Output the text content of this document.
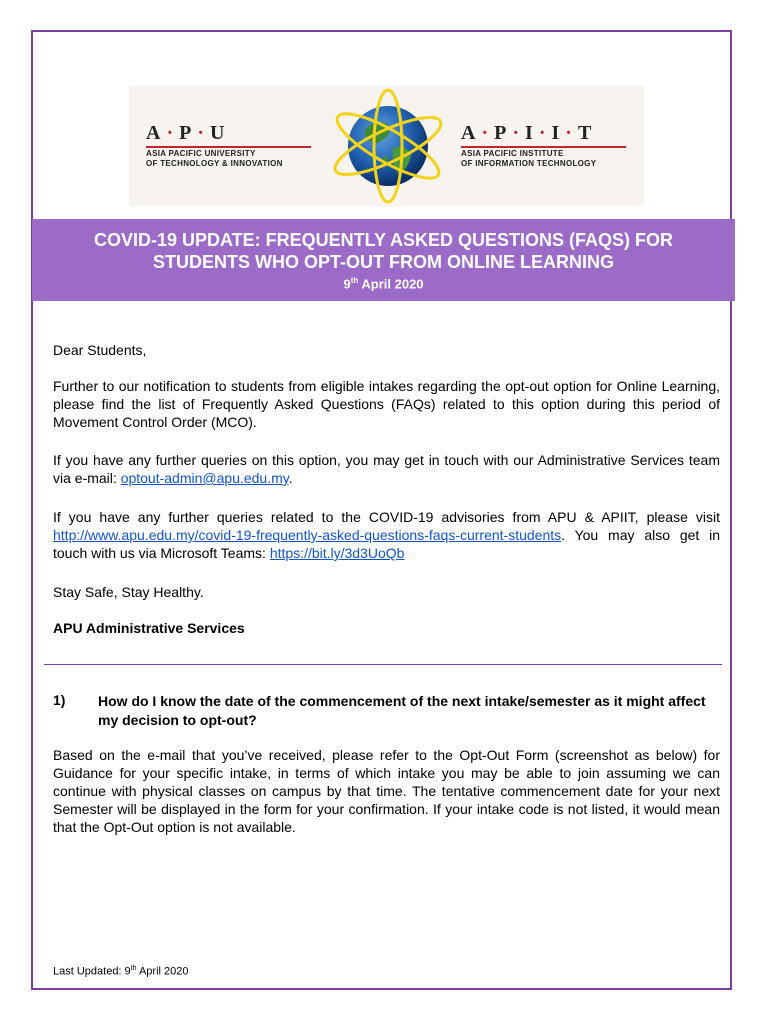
A·P·U
ASIA PACIFIC UNIVERSITY
OF TECHNOLOGY & INNOVATION
A·P·I·I·T
ASIA PACIFIC INSTITUTE
OF INFORMATION TECHNOLOGY
COVID-19 UPDATE: FREQUENTLY ASKED QUESTIONS (FAQS) FOR STUDENTS WHO OPT-OUT FROM ONLINE LEARNING
9th April 2020
Dear Students,
Further to our notification to students from eligible intakes regarding the opt-out option for Online Learning, please find the list of Frequently Asked Questions (FAQs) related to this option during this period of Movement Control Order (MCO).
If you have any further queries on this option, you may get in touch with our Administrative Services team via e-mail: optout-admin@apu.edu.my.
If you have any further queries related to the COVID-19 advisories from APU & APIIT, please visit http://www.apu.edu.my/covid-19-frequently-asked-questions-faqs-current-students. You may also get in touch with us via Microsoft Teams: https://bit.ly/3d3UoQb
Stay Safe, Stay Healthy.
APU Administrative Services
1) How do I know the date of the commencement of the next intake/semester as it might affect my decision to opt-out?
Based on the e-mail that you’ve received, please refer to the Opt-Out Form (screenshot as below) for Guidance for your specific intake, in terms of which intake you may be able to join assuming we can continue with physical classes on campus by that time. The tentative commencement date for your next Semester will be displayed in the form for your confirmation. If your intake code is not listed, it would mean that the Opt-Out option is not available.
Last Updated: 9th April 2020
